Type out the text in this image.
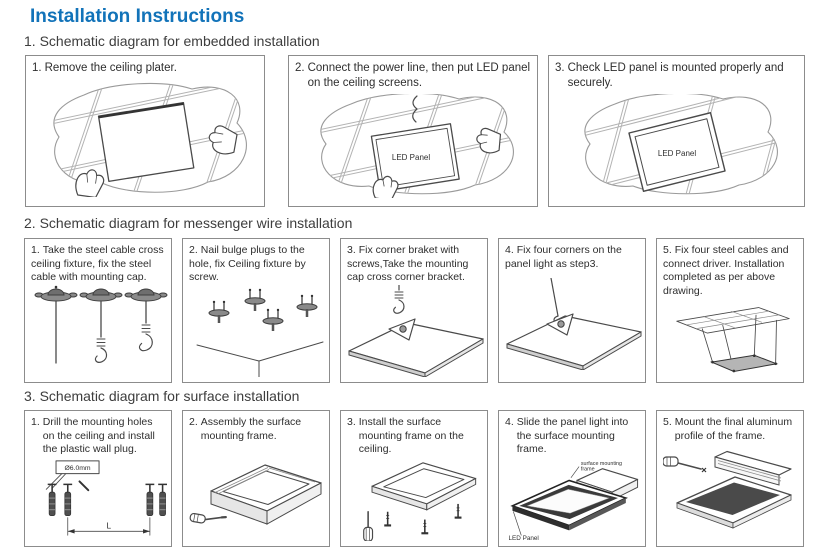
Installation Instructions
1. Schematic diagram for embedded installation
1. Remove the ceiling plater.	2. Connect the power line, then put LED panel on the ceiling screens.
LED Panel
3. Check LED panel is mounted properly and securely.
LED Panel
2. Schematic diagram for messenger wire installation
1. Take the steel cable cross ceiling fixture, fix the steel cable with mounting cap.
2. Nail bulge plugs to the hole, fix Ceiling fixture by screw.
3. Fix corner braket with screws,Take the mounting cap cross corner bracket.
4. Fix four corners on the panel light as step3.
5. Fix four steel cables and connect driver. Installation completed as per above drawing.
3. Schematic diagram for surface installation
1. Drill the mounting holes on the ceiling and install the plastic wall plug.
Ø6.0mm
L
2. Assembly the surface mounting frame.
3. Install the surface mounting frame on the ceiling.
4. Slide the panel light into the surface mounting frame.
surface mounting frame
LED Panel
5. Mount the final aluminum profile of the frame.
